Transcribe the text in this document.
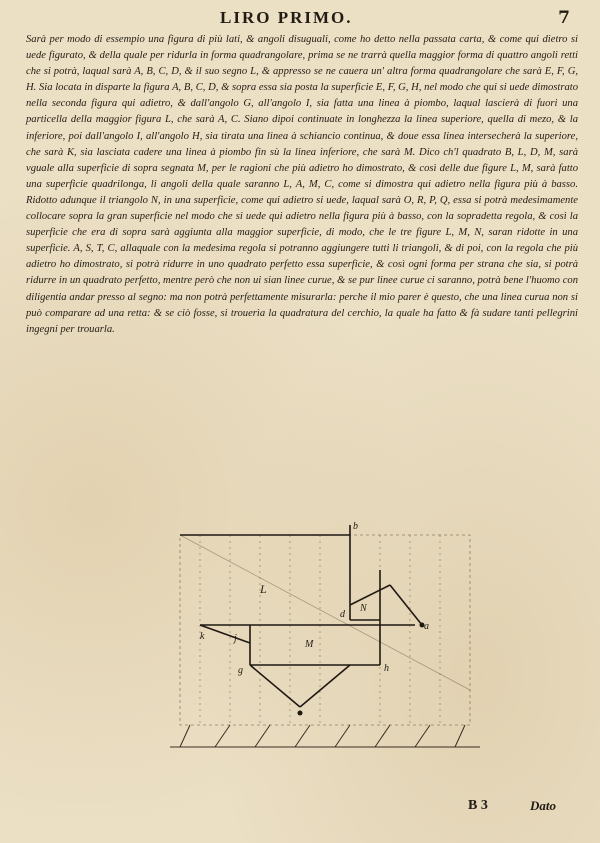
LIRO PRIMO.	7

Sarà per modo di essempio una figura di più lati, & angoli disuguali, come ho detto nella passata carta, & come qui dietro si uede figurato, & della quale per ridurla in forma quadrangolare, prima se ne trarrà quella maggior forma di quattro angoli retti che si potrà, laqual sarà A, B, C, D, & il suo segno L, & appresso se ne cauera un' altra forma quadrangolare che sarà E, F, G, H. Sia locata in disparte la figura A, B, C, D, & sopra essa sia posta la superficie E, F, G, H, nel modo che qui si uede dimostrato nella seconda figura qui adietro, & dall'angolo G, all'angolo I, sia fatta una linea à piombo, laqual lascierà di fuori una particella della maggior figura L, che sarà A, C. Siano dipoi continuate in longhezza la linea superiore, quella di mezo, & la inferiore, poi dall'angolo I, all'angolo H, sia tirata una linea à schiancio continua, & doue essa linea intersecherà la superiore, che sarà K, sia lasciata cadere una linea à piombo fin sù la linea inferiore, che sarà M. Dico ch'l quadrato B, L, D, M, sarà vguale alla superficie di sopra segnata M, per le ragioni che più adietro ho dimostrato, & così delle due figure L, M, sarà fatto una superficie quadrilonga, li angoli della quale saranno L, A, M, C, come si dimostra qui adietro nella figura più à basso. Ridotto adunque il triangolo N, in una superficie, come qui adietro si uede, laqual sarà O, R, P, Q, essa si potrà medesimamente collocare sopra la gran superficie nel modo che si uede qui adietro nella figura più à basso, con la sopradetta regola, & così la superficie che era di sopra sarà aggiunta alla maggior superficie, di modo, che le tre figure L, M, N, saran ridotte in una superficie. A, S, T, C, allaquale con la medesima regola si potranno aggiungere tutti li triangoli, & di poi, con la regola che più adietro ho dimostrato, si potrà ridurre in uno quadrato perfetto essa superficie, & così ogni forma per strana che sia, si potrà ridurre in un quadrato perfetto, mentre però che non ui sian linee curue, & se pur linee curue ci saranno, potrà bene l'huomo con diligentia andar presso al segno: ma non potrà perfettamente misurarla: perche il mio parer è questo, che una linea curua non si può comparare ad una retta: & se ciò fosse, si trouerìa la quadratura del cerchio, la quale ha fatto & fà sudare tanti pellegrini ingegni per trouarla.

b
L
d
N
M
k	j
a
g	h
B 3	Dato
